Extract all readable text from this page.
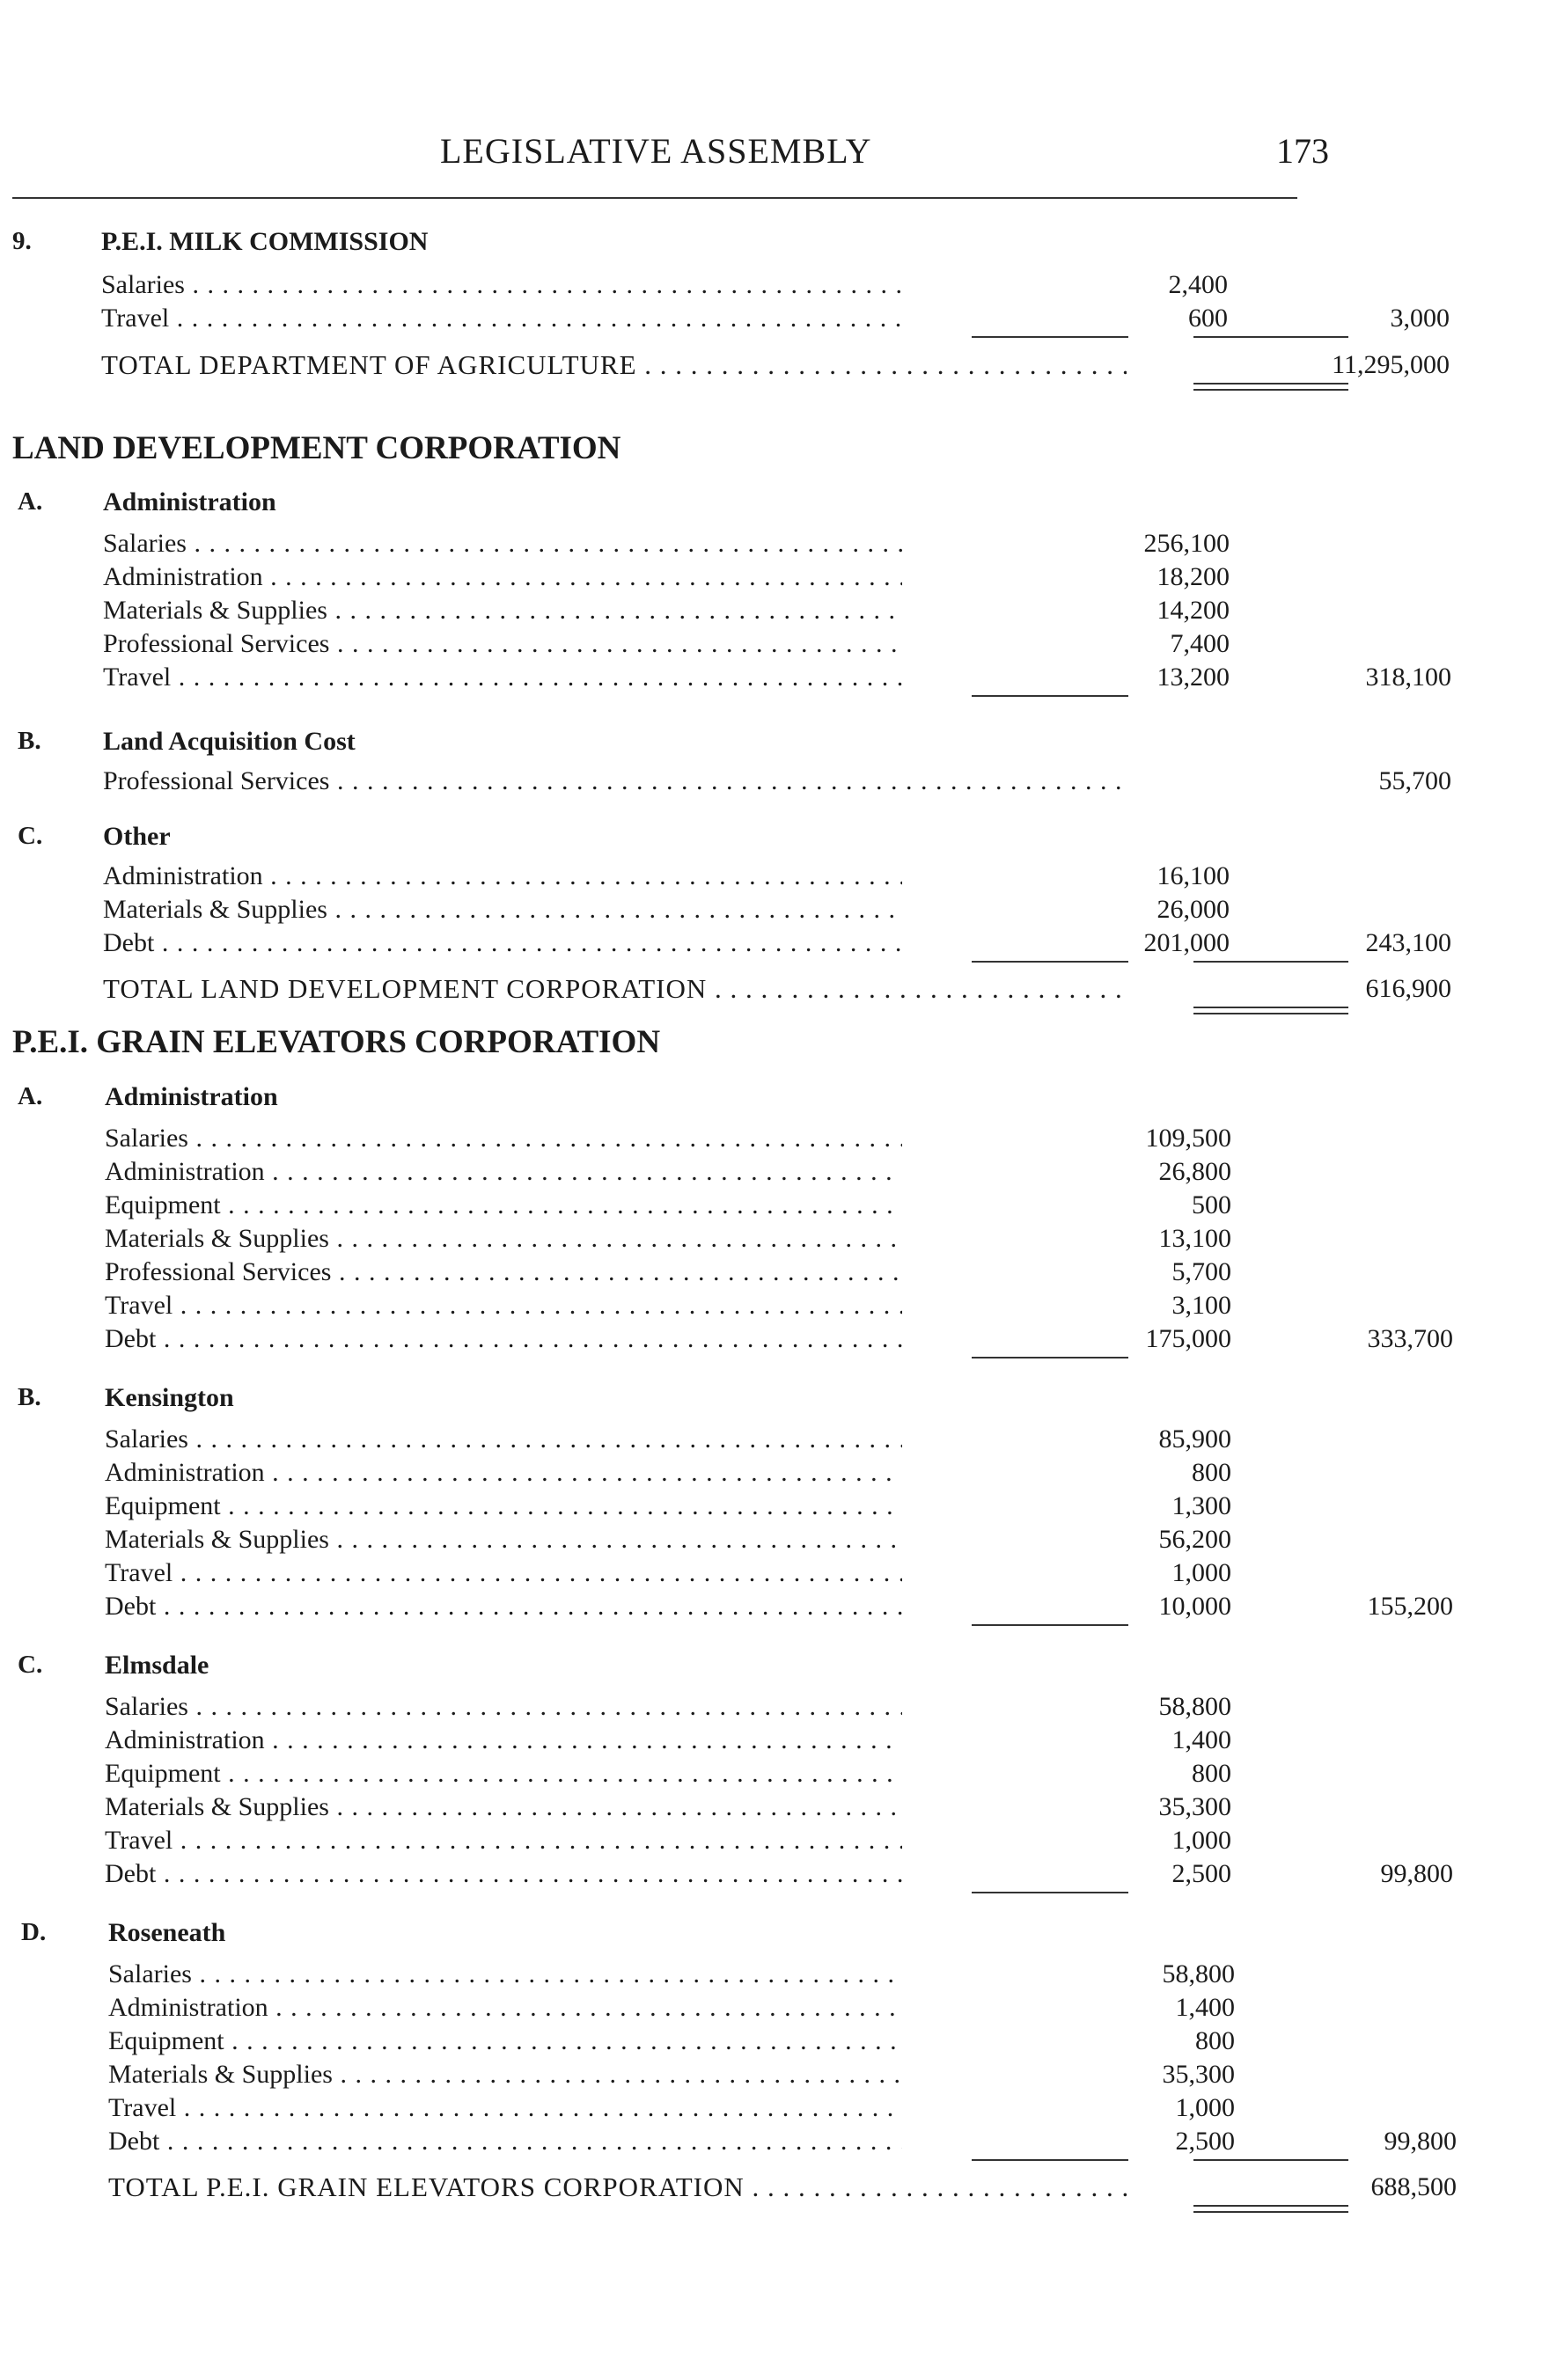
LEGISLATIVE ASSEMBLY	173
9.	P.E.I. MILK COMMISSION
Salaries . . .	2,400
Travel . . .	600	3,000
TOTAL DEPARTMENT OF AGRICULTURE . . .	11,295,000
LAND DEVELOPMENT CORPORATION
A. Administration
Salaries . . .	256,100
Administration . . .	18,200
Materials & Supplies . . .	14,200
Professional Services . . .	7,400
Travel . . .	13,200	318,100
B. Land Acquisition Cost
Professional Services . . .	55,700
C. Other
Administration . . .	16,100
Materials & Supplies . . .	26,000
Debt . . .	201,000	243,100
TOTAL LAND DEVELOPMENT CORPORATION . . .	616,900
P.E.I. GRAIN ELEVATORS CORPORATION
A. Administration
Salaries . . .	109,500
Administration . . .	26,800
Equipment . . .	500
Materials & Supplies . . .	13,100
Professional Services . . .	5,700
Travel . . .	3,100
Debt . . .	175,000	333,700
B. Kensington
Salaries . . .	85,900
Administration . . .	800
Equipment . . .	1,300
Materials & Supplies . . .	56,200
Travel . . .	1,000
Debt . . .	10,000	155,200
C. Elmsdale
Salaries . . .	58,800
Administration . . .	1,400
Equipment . . .	800
Materials & Supplies . . .	35,300
Travel . . .	1,000
Debt . . .	2,500	99,800
D. Roseneath
Salaries . . .	58,800
Administration . . .	1,400
Equipment . . .	800
Materials & Supplies . . .	35,300
Travel . . .	1,000
Debt . . .	2,500	99,800
TOTAL P.E.I. GRAIN ELEVATORS CORPORATION . . .	688,500
